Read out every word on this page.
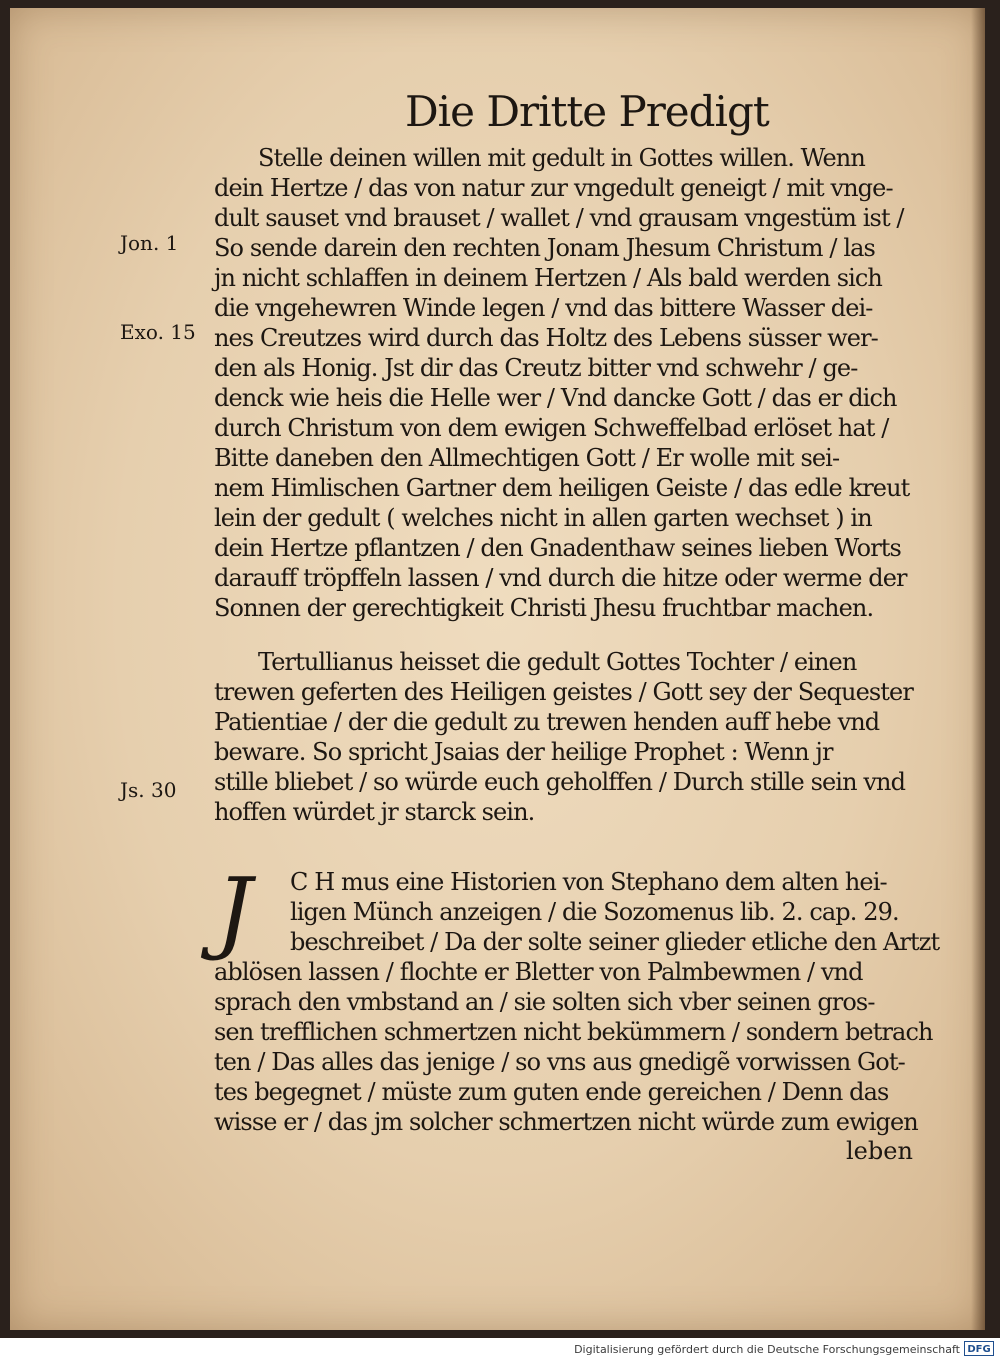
Die Dritte Predigt
Jon. 1
Exo. 15
Js. 30
Stelle deinen willen mit gedult in Gottes willen. Wenn
dein Hertze / das von natur zur vngedult geneigt / mit vnge-
dult sauset vnd brauset / wallet / vnd grausam vngestüm ist /
So sende darein den rechten Jonam Jhesum Christum / las
jn nicht schlaffen in deinem Hertzen / Als bald werden sich
die vngehewren Winde legen / vnd das bittere Wasser dei-
nes Creutzes wird durch das Holtz des Lebens süsser wer-
den als Honig. Jst dir das Creutz bitter vnd schwehr / ge-
denck wie heis die Helle wer / Vnd dancke Gott / das er dich
durch Christum von dem ewigen Schweffelbad erlöset hat /
Bitte daneben den Allmechtigen Gott / Er wolle mit sei-
nem Himlischen Gartner dem heiligen Geiste / das edle kreut
lein der gedult ( welches nicht in allen garten wechset ) in
dein Hertze pflantzen / den Gnadenthaw seines lieben Worts
darauff tröpffeln lassen / vnd durch die hitze oder werme der
Sonnen der gerechtigkeit Christi Jhesu fruchtbar machen.
Tertullianus heisset die gedult Gottes Tochter / einen
trewen geferten des Heiligen geistes / Gott sey der Sequester
Patientiae / der die gedult zu trewen henden auff hebe vnd
beware. So spricht Jsaias der heilige Prophet : Wenn jr
stille bliebet / so würde euch geholffen / Durch stille sein vnd
hoffen würdet jr starck sein.
J	C H mus eine Historien von Stephano dem alten hei-
ligen Münch anzeigen / die Sozomenus lib. 2. cap. 29.
beschreibet / Da der solte seiner glieder etliche den Artzt
ablösen lassen / flochte er Bletter von Palmbewmen / vnd
sprach den vmbstand an / sie solten sich vber seinen gros-
sen trefflichen schmertzen nicht bekümmern / sondern betrach
ten / Das alles das jenige / so vns aus gnedigẽ vorwissen Got-
tes begegnet / müste zum guten ende gereichen / Denn das
wisse er / das jm solcher schmertzen nicht würde zum ewigen
leben
Digitalisierung gefördert durch die Deutsche Forschungsgemeinschaft DFG
